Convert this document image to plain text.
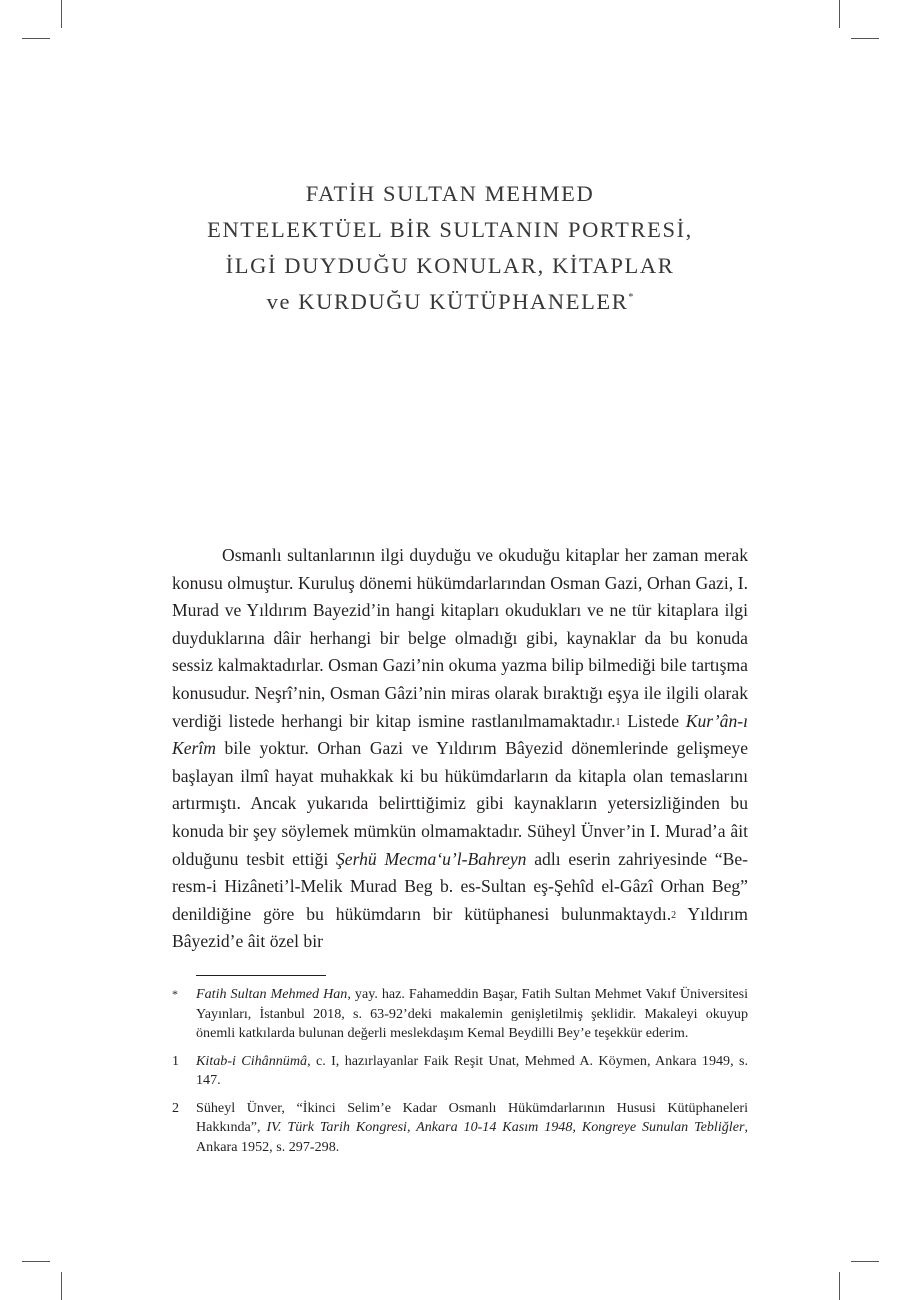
FATİH SULTAN MEHMED
ENTELEKTÜEL BİR SULTANIN PORTRESİ,
İLGİ DUYDUĞU KONULAR, KİTAPLAR
ve KURDUĞU KÜTÜPHANELER*

Osmanlı sultanlarının ilgi duyduğu ve okuduğu kitaplar her zaman merak konusu olmuştur. Kuruluş dönemi hükümdarlarından Osman Gazi, Orhan Gazi, I. Murad ve Yıldırım Bayezid’in hangi kitapları okudukları ve ne tür kitaplara ilgi duyduklarına dâir herhangi bir belge olmadığı gibi, kaynaklar da bu konuda sessiz kalmaktadırlar. Osman Gazi’nin okuma yazma bilip bilmediği bile tartışma konusudur. Neşrî’nin, Osman Gâzi’nin miras olarak bıraktığı eşya ile ilgili olarak verdiği listede herhangi bir kitap ismine rastlanılmamaktadır.$^1$ Listede Kur’ân-ı Kerîm bile yoktur. Orhan Gazi ve Yıldırım Bâyezid dönemlerinde gelişmeye başlayan ilmî hayat muhakkak ki bu hükümdarların da kitapla olan temaslarını artırmıştı. Ancak yukarıda belirttiğimiz gibi kaynakların yetersizliğinden bu konuda bir şey söylemek mümkün olmamaktadır. Süheyl Ünver’in I. Murad’a âit olduğunu tesbit ettiği Şerhü Mecma‘u’l-Bahreyn adlı eserin zahriyesinde “Be-resm-i Hizâneti’l-Melik Murad Beg b. es-Sultan eş-Şehîd el-Gâzî Orhan Beg” denildiğine göre bu hükümdarın bir kütüphanesi bulunmaktaydı.$^2$ Yıldırım Bâyezid’e âit özel bir

* Fatih Sultan Mehmed Han, yay. haz. Fahameddin Başar, Fatih Sultan Mehmet Vakıf Üniversitesi Yayınları, İstanbul 2018, s. 63-92’deki makalemin genişletilmiş şeklidir. Makaleyi okuyup önemli katkılarda bulunan değerli meslekdaşım Kemal Beydilli Bey’e teşekkür ederim.
1 Kitab-i Cihânnümâ, c. I, hazırlayanlar Faik Reşit Unat, Mehmed A. Köymen, Ankara 1949, s. 147.
2 Süheyl Ünver, “İkinci Selim’e Kadar Osmanlı Hükümdarlarının Hususi Kütüphaneleri Hakkında”, IV. Türk Tarih Kongresi, Ankara 10-14 Kasım 1948, Kongreye Sunulan Tebliğler, Ankara 1952, s. 297-298.
